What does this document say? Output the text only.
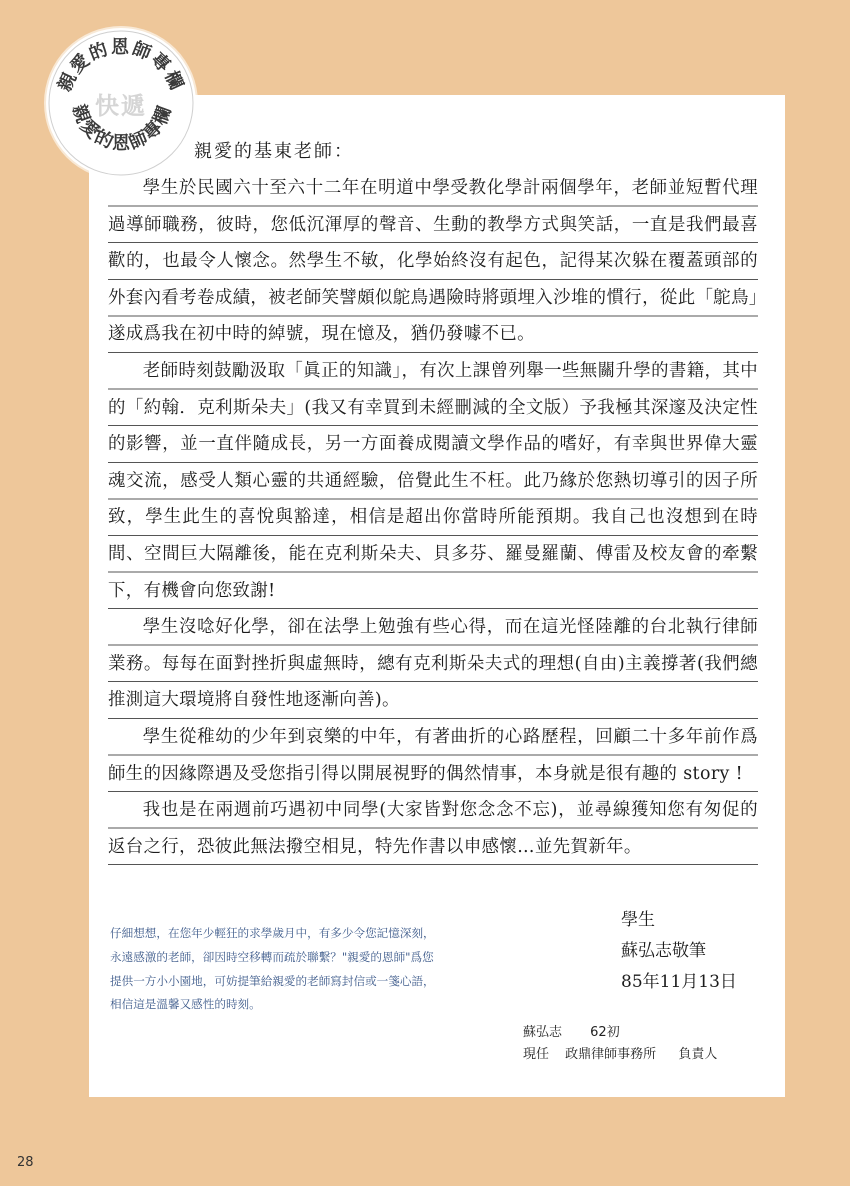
親愛的恩師專欄
親愛的恩師專欄
快遞
親愛的基東老師：

學生於民國六十至六十二年在明道中學受教化學計兩個學年，老師並短暫代理過導師職務，彼時，您低沉渾厚的聲音、生動的教學方式與笑話，一直是我們最喜歡的，也最令人懷念。然學生不敏，化學始終沒有起色，記得某次躲在覆蓋頭部的外套內看考卷成績，被老師笑譬頗似鴕鳥遇險時將頭埋入沙堆的慣行，從此「鴕鳥」遂成爲我在初中時的綽號，現在憶及，猶仍發噱不已。

老師時刻鼓勵汲取「眞正的知識」，有次上課曾列舉一些無關升學的書籍，其中的「約翰．克利斯朵夫」(我又有幸買到未經刪減的全文版）予我極其深邃及決定性的影響，並一直伴隨成長，另一方面養成閱讀文學作品的嗜好，有幸與世界偉大靈魂交流，感受人類心靈的共通經驗，倍覺此生不枉。此乃緣於您熱切導引的因子所致，學生此生的喜悅與豁達，相信是超出你當時所能預期。我自己也沒想到在時間、空間巨大隔離後，能在克利斯朵夫、貝多芬、羅曼羅蘭、傅雷及校友會的牽繫下，有機會向您致謝!

學生沒唸好化學，卻在法學上勉強有些心得，而在這光怪陸離的台北執行律師業務。每每在面對挫折與虛無時，總有克利斯朵夫式的理想(自由)主義撐著(我們總推測這大環境將自發性地逐漸向善)。

學生從稚幼的少年到哀樂的中年，有著曲折的心路歷程，回顧二十多年前作爲師生的因緣際遇及受您指引得以開展視野的偶然情事，本身就是很有趣的 story !

我也是在兩週前巧遇初中同學(大家皆對您念念不忘)，並尋線獲知您有匆促的返台之行，恐彼此無法撥空相見，特先作書以申感懷…並先賀新年。

學生
蘇弘志敬筆
85年11月13日
仔細想想，在您年少輕狂的求學歲月中，有多少令您記憶深刻，永遠感激的老師，卻因時空移轉而疏於聯繫？"親愛的恩師"爲您提供一方小小園地，可妨提筆給親愛的老師寫封信或一箋心語，相信這是溫馨又感性的時刻。
蘇弘志 62初
現任 政鼎律師事務所 負責人
28
